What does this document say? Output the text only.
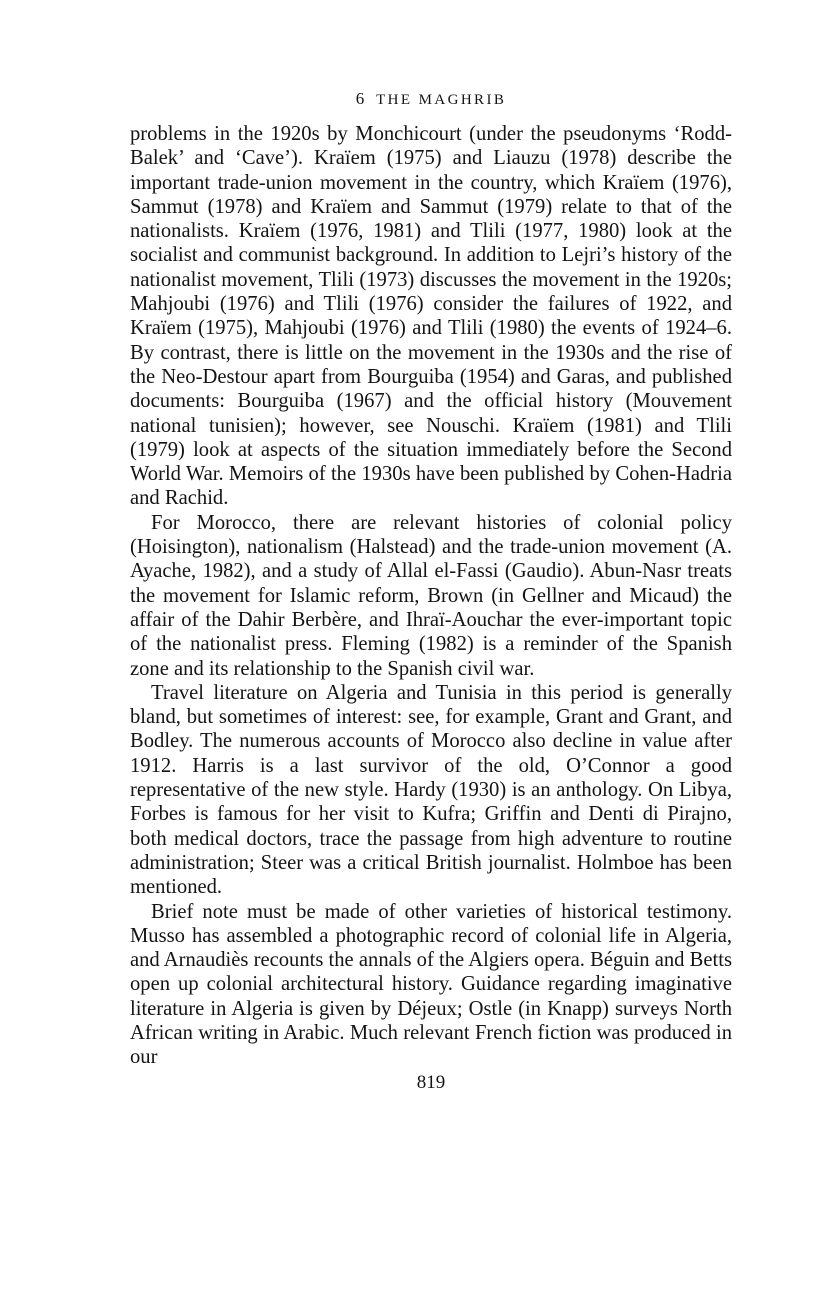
6 THE MAGHRIB

problems in the 1920s by Monchicourt (under the pseudonyms ‘Rodd-Balek’ and ‘Cave’). Kraïem (1975) and Liauzu (1978) describe the important trade-union movement in the country, which Kraïem (1976), Sammut (1978) and Kraïem and Sammut (1979) relate to that of the nationalists. Kraïem (1976, 1981) and Tlili (1977, 1980) look at the socialist and communist background. In addition to Lejri’s history of the nationalist movement, Tlili (1973) discusses the movement in the 1920s; Mahjoubi (1976) and Tlili (1976) consider the failures of 1922, and Kraïem (1975), Mahjoubi (1976) and Tlili (1980) the events of 1924–6. By contrast, there is little on the movement in the 1930s and the rise of the Neo-Destour apart from Bourguiba (1954) and Garas, and published documents: Bourguiba (1967) and the official history (Mouvement national tunisien); however, see Nouschi. Kraïem (1981) and Tlili (1979) look at aspects of the situation immediately before the Second World War. Memoirs of the 1930s have been published by Cohen-Hadria and Rachid.

For Morocco, there are relevant histories of colonial policy (Hoisington), nationalism (Halstead) and the trade-union movement (A. Ayache, 1982), and a study of Allal el-Fassi (Gaudio). Abun-Nasr treats the movement for Islamic reform, Brown (in Gellner and Micaud) the affair of the Dahir Berbère, and Ihraï-Aouchar the ever-important topic of the nationalist press. Fleming (1982) is a reminder of the Spanish zone and its relationship to the Spanish civil war.

Travel literature on Algeria and Tunisia in this period is generally bland, but sometimes of interest: see, for example, Grant and Grant, and Bodley. The numerous accounts of Morocco also decline in value after 1912. Harris is a last survivor of the old, O’Connor a good representative of the new style. Hardy (1930) is an anthology. On Libya, Forbes is famous for her visit to Kufra; Griffin and Denti di Pirajno, both medical doctors, trace the passage from high adventure to routine administration; Steer was a critical British journalist. Holmboe has been mentioned.

Brief note must be made of other varieties of historical testimony. Musso has assembled a photographic record of colonial life in Algeria, and Arnaudiès recounts the annals of the Algiers opera. Béguin and Betts open up colonial architectural history. Guidance regarding imaginative literature in Algeria is given by Déjeux; Ostle (in Knapp) surveys North African writing in Arabic. Much relevant French fiction was produced in our

819
